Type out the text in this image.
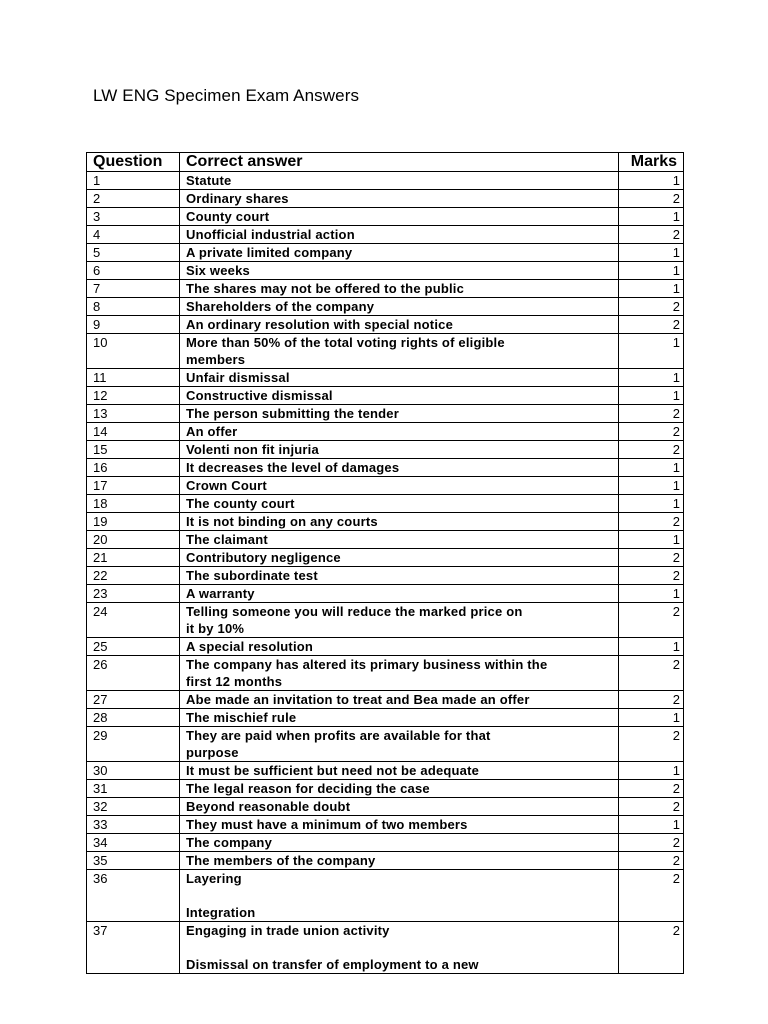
LW ENG Specimen Exam Answers
Question	Correct answer	Marks
1	Statute	1
2	Ordinary shares	2
3	County court	1
4	Unofficial industrial action	2
5	A private limited company	1
6	Six weeks	1
7	The shares may not be offered to the public	1
8	Shareholders of the company	2
9	An ordinary resolution with special notice	2
10	More than 50% of the total voting rights of eligible
members	1
11	Unfair dismissal	1
12	Constructive dismissal	1
13	The person submitting the tender	2
14	An offer	2
15	Volenti non fit injuria	2
16	It decreases the level of damages	1
17	Crown Court	1
18	The county court	1
19	It is not binding on any courts	2
20	The claimant	1
21	Contributory negligence	2
22	The subordinate test	2
23	A warranty	1
24	Telling someone you will reduce the marked price on
it by 10%	2
25	A special resolution	1
26	The company has altered its primary business within the
first 12 months	2
27	Abe made an invitation to treat and Bea made an offer	2
28	The mischief rule	1
29	They are paid when profits are available for that
purpose	2
30	It must be sufficient but need not be adequate	1
31	The legal reason for deciding the case	2
32	Beyond reasonable doubt	2
33	They must have a minimum of two members	1
34	The company	2
35	The members of the company	2
36	Layering
Integration	2
37	Engaging in trade union activity
Dismissal on transfer of employment to a new	2
